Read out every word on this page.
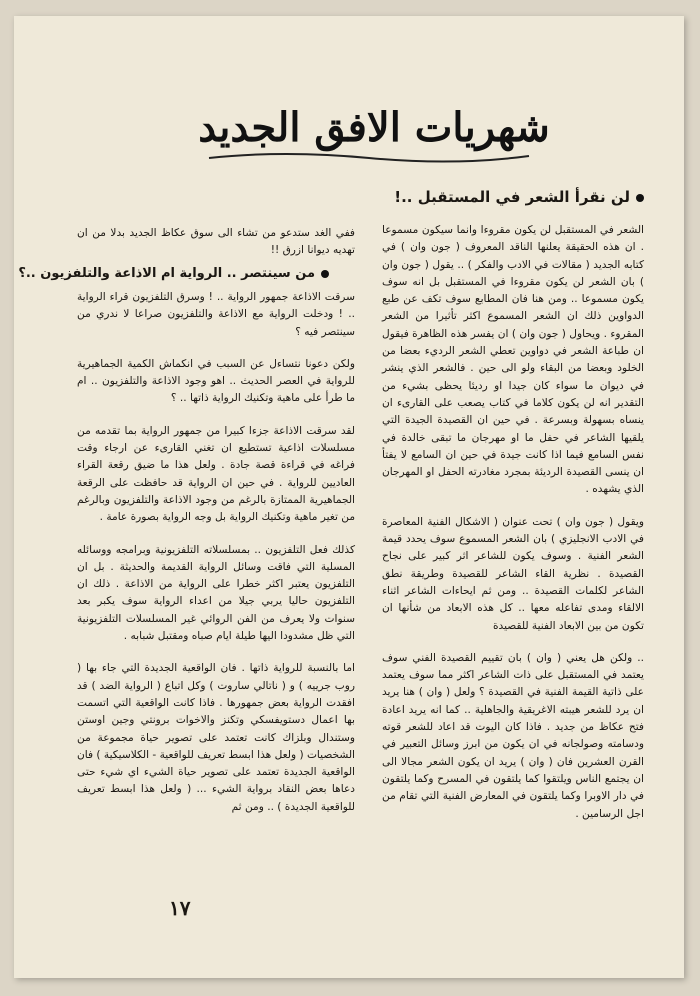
شهريات الافق الجديد
لن نقرأ الشعر في المستقبل ..!

الشعر في المستقبل لن يكون مقروءا وانما سيكون مسموعا . ان هذه الحقيقة يعلنها الناقد المعروف ( جون وان ) في كتابه الجديد ( مقالات في الادب والفكر ) .. يقول ( جون وان ) بان الشعر لن يكون مقروءا في المستقبل بل انه سوف يكون مسموعا .. ومن هنا فان المطابع سوف تكف عن طبع الدواوين ذلك ان الشعر المسموع اكثر تأثيرا من الشعر المقروء . ويحاول ( جون وان ) ان يفسر هذه الظاهرة فيقول ان طباعة الشعر في دواوين تعطي الشعر الرديء بعضا من الخلود وبعضا من البقاء ولو الى حين . فالشعر الذي ينشر في ديوان ما سواء كان جيدا او رديئا يحظى بشيء من التقدير انه لن يكون كلاما في كتاب يصعب على القارىء ان ينساه بسهولة وبسرعة . في حين ان القصيدة الجيدة التي يلقيها الشاعر في حفل ما او مهرجان ما تبقى خالدة في نفس السامع فيما اذا كانت جيدة في حين ان السامع لا يفتأ ان ينسى القصيدة الرديئة بمجرد مغادرته الحفل او المهرجان الذي يشهده .

ويقول ( جون وان ) تحت عنوان ( الاشكال الفنية المعاصرة في الادب الانجليزي ) بان الشعر المسموع سوف يحدد قيمة الشعر الفنية . وسوف يكون للشاعر اثر كبير على نجاح القصيدة . نظرية القاء الشاعر للقصيدة وطريقة نطق الشاعر لكلمات القصيدة .. ومن ثم ايحاءات الشاعر اثناء الالقاء ومدى تفاعله معها .. كل هذه الابعاد من شأنها ان تكون من بين الابعاد الفنية للقصيدة

.. ولكن هل يعني ( وان ) بان تقييم القصيدة الفني سوف يعتمد في المستقبل على ذات الشاعر اكثر مما سوف يعتمد على ذاتية القيمة الفنية في القصيدة ؟ ولعل ( وان ) هنا يريد ان يرد للشعر هيبته الاغريقية والجاهلية .. كما انه يريد اعادة فتح عكاظ من جديد . فاذا كان اليوت قد اعاد للشعر قوته ودسامته وصولجانه في ان يكون من ابرز وسائل التعبير في القرن العشرين فان ( وان ) يريد ان يكون الشعر مجالا الى ان يجتمع الناس ويلتقوا كما يلتقون في المسرح وكما يلتقون في دار الاوبرا وكما يلتقون في المعارض الفنية التي تقام من اجل الرسامين .

ففي الغد ستدعو من تشاء الى سوق عكاظ الجديد بدلا من ان تهديه ديوانا ازرق !!

من سينتصر .. الرواية ام الاذاعة والتلفزيون ..؟

سرقت الاذاعة جمهور الرواية .. ! وسرق التلفزيون قراء الرواية .. ! ودخلت الرواية مع الاذاعة والتلفزيون صراعا لا ندري من سينتصر فيه ؟

ولكن دعونا نتساءل عن السبب في انكماش الكمية الجماهيرية للرواية في العصر الحديث .. اهو وجود الاذاعة والتلفزيون .. ام ما طرأ على ماهية وتكنيك الرواية ذاتها .. ؟

لقد سرقت الاذاعة جزءا كبيرا من جمهور الرواية بما تقدمه من مسلسلات اذاعية تستطيع ان تغني القارىء عن ارجاء وقت فراغه في قراءة قصة جادة . ولعل هذا ما ضيق رقعة القراء العاديين للرواية . في حين ان الرواية قد حافظت على الرقعة الجماهيرية الممتازة بالرغم من وجود الاذاعة والتلفزيون وبالرغم من تغير ماهية وتكنيك الرواية بل وجه الرواية بصورة عامة .

كذلك فعل التلفزيون .. بمسلسلاته التلفزيونية وبرامجه ووسائله المسلية التي فاقت وسائل الرواية القديمة والحديثة . بل ان التلفزيون يعتبر اكثر خطرا على الرواية من الاذاعة . ذلك ان التلفزيون حاليا يربي جيلا من اعداء الرواية سوف يكبر بعد سنوات ولا يعرف من الفن الروائي غير المسلسلات التلفزيونية التي ظل مشدودا اليها طيلة ايام صباه ومقتبل شبابه .

اما بالنسبة للرواية ذاتها . فان الواقعية الجديدة التي جاء بها ( روب جرييه ) و ( ناتالي ساروت ) وكل اتباع ( الرواية الضد ) قد افقدت الرواية بعض جمهورها . فاذا كانت الواقعية التي اتسمت بها اعمال دستويفسكي وتكنز والاخوات برونتي وجين اوستن وستندال وبلزاك كانت تعتمد على تصوير حياة مجموعة من الشخصيات ( ولعل هذا ابسط تعريف للواقعية - الكلاسيكية ) فان الواقعية الجديدة تعتمد على تصوير حياة الشيء اي شيء حتى دعاها بعض النقاد برواية الشيء ... ( ولعل هذا ابسط تعريف للواقعية الجديدة ) .. ومن ثم

١٧
